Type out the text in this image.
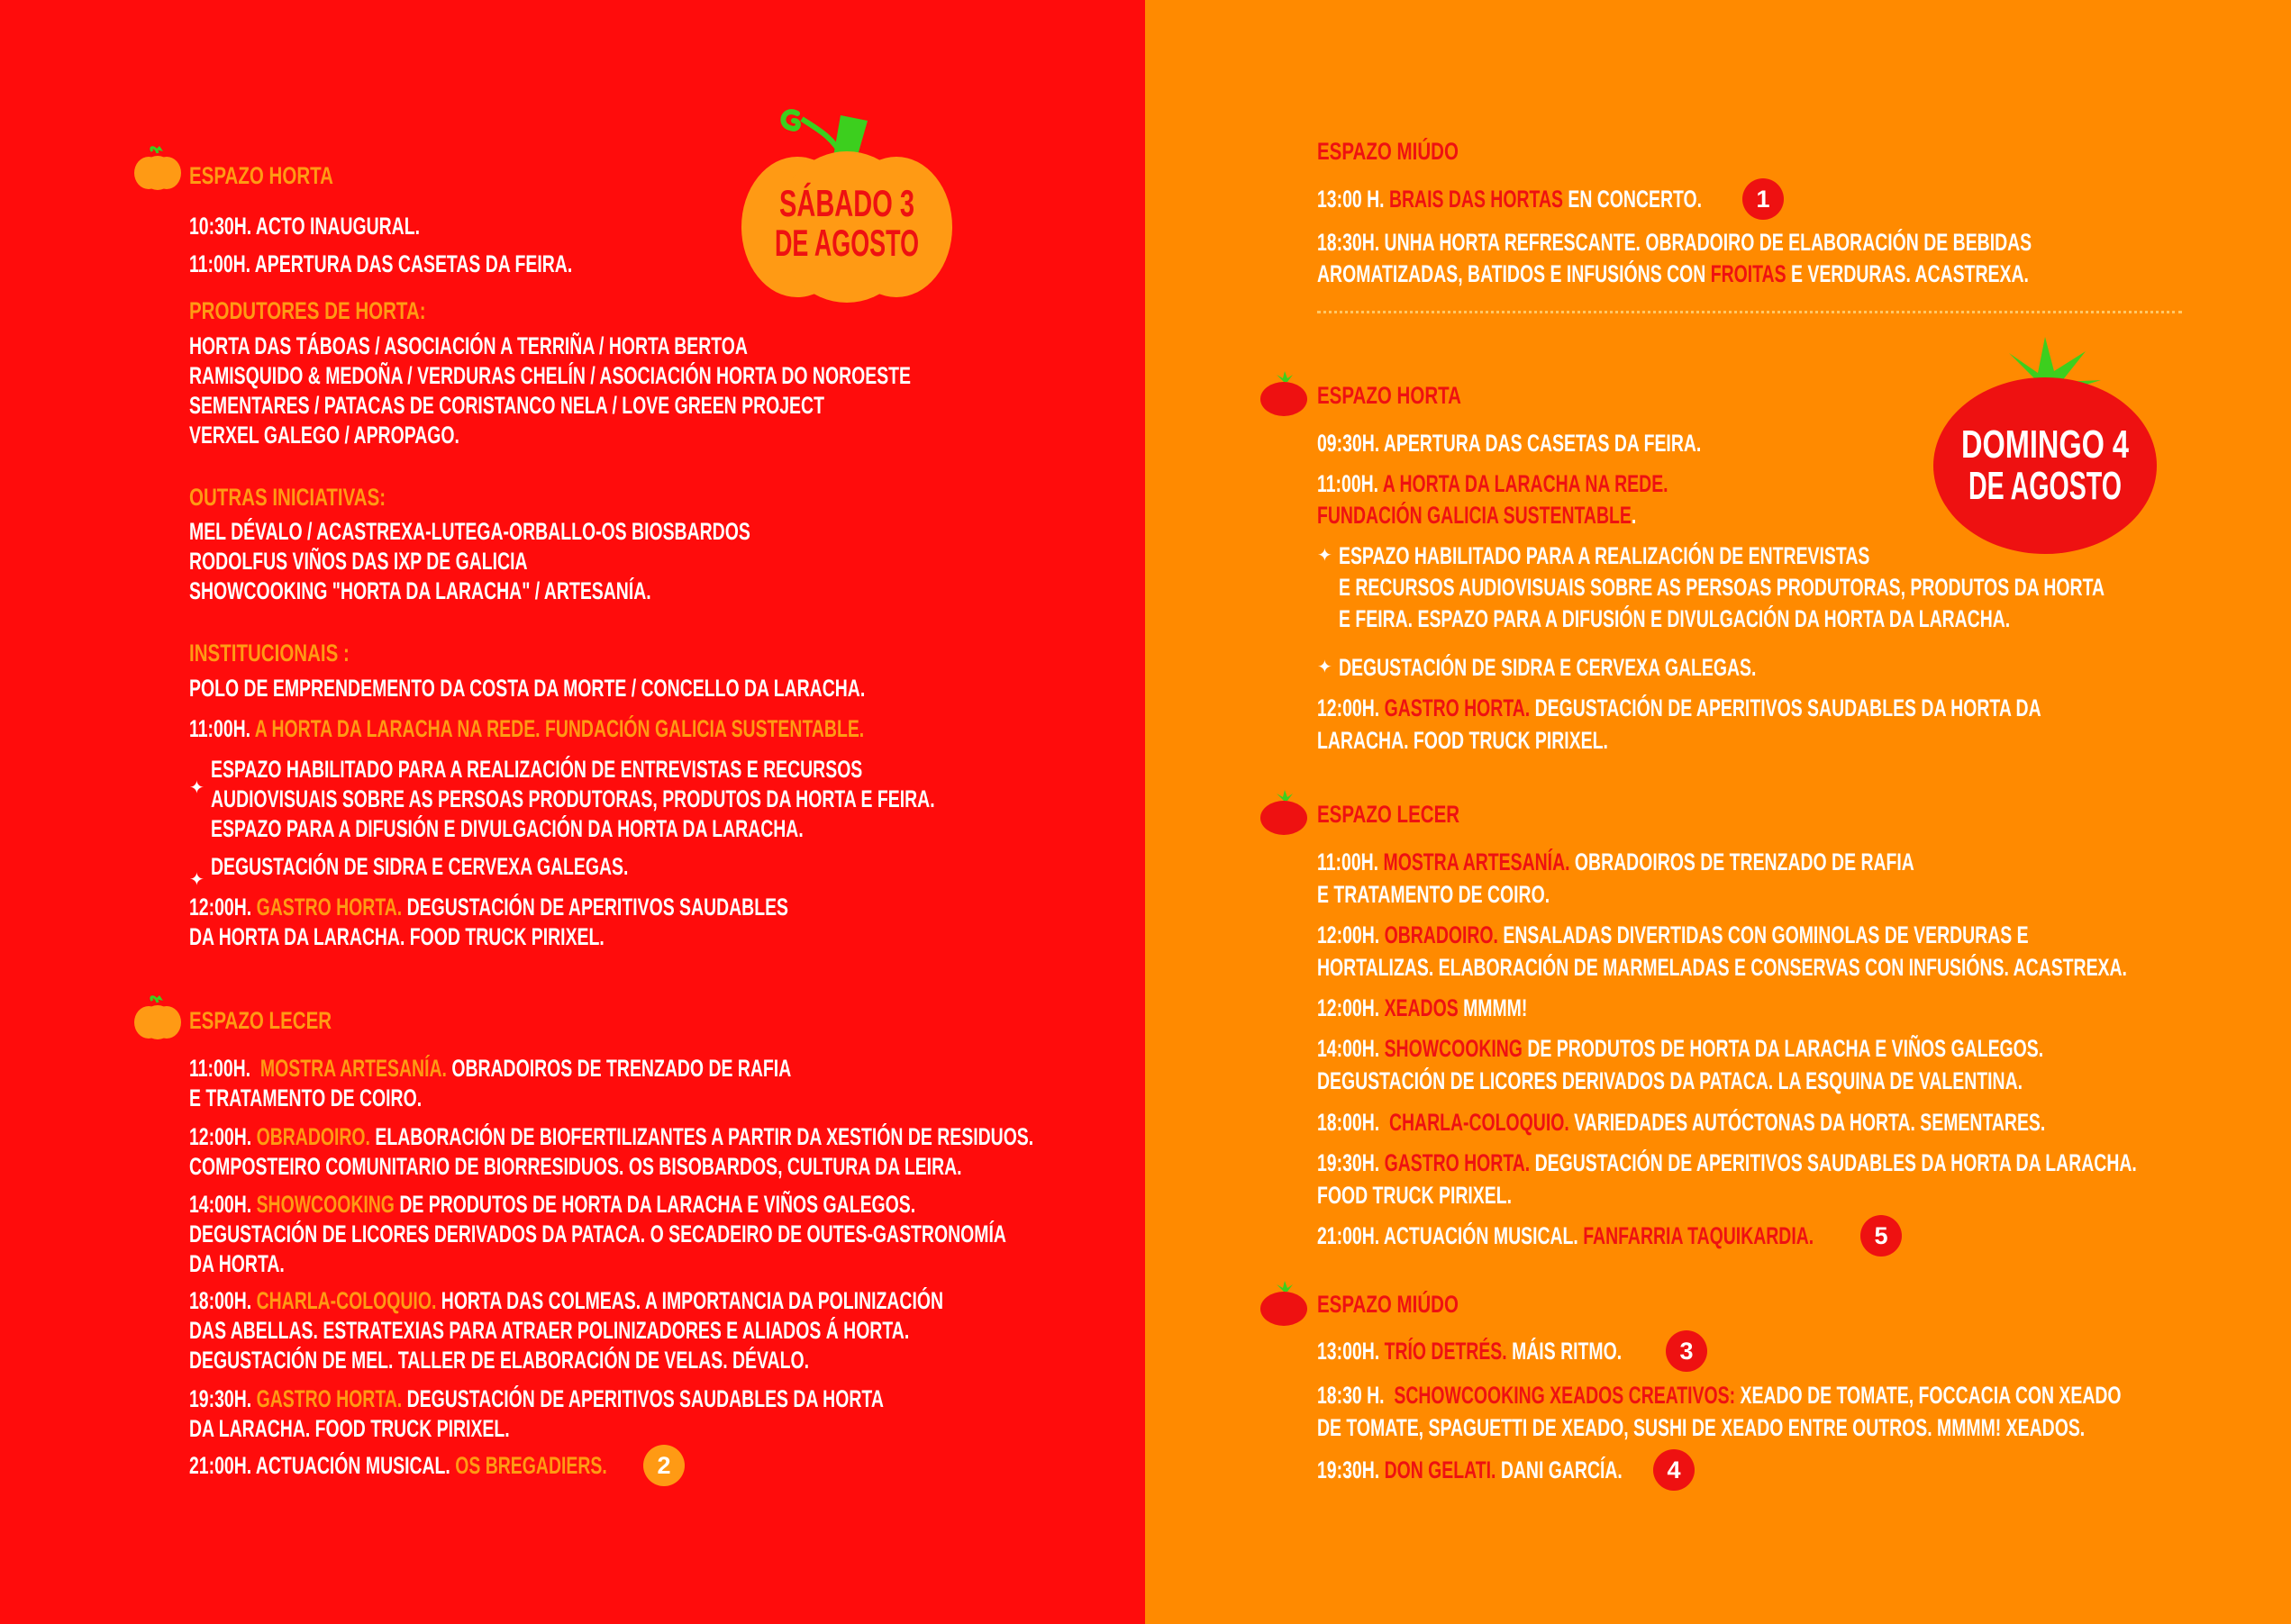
SÁBADO 3
DE AGOSTO
ESPAZO HORTA
10:30H. ACTO INAUGURAL.
11:00H. APERTURA DAS CASETAS DA FEIRA.
PRODUTORES DE HORTA:
HORTA DAS TÁBOAS / ASOCIACIÓN A TERRIÑA / HORTA BERTOA
RAMISQUIDO & MEDOÑA / VERDURAS CHELÍN / ASOCIACIÓN HORTA DO NOROESTE
SEMENTARES / PATACAS DE CORISTANCO NELA / LOVE GREEN PROJECT
VERXEL GALEGO / APROPAGO.
OUTRAS INICIATIVAS:
MEL DÉVALO / ACASTREXA-LUTEGA-ORBALLO-OS BIOSBARDOS
RODOLFUS VIÑOS DAS IXP DE GALICIA
SHOWCOOKING "HORTA DA LARACHA" / ARTESANÍA.
INSTITUCIONAIS :
POLO DE EMPRENDEMENTO DA COSTA DA MORTE / CONCELLO DA LARACHA.
11:00H. A HORTA DA LARACHA NA REDE. FUNDACIÓN GALICIA SUSTENTABLE.
✦
ESPAZO HABILITADO PARA A REALIZACIÓN DE ENTREVISTAS E RECURSOS
AUDIOVISUAIS SOBRE AS PERSOAS PRODUTORAS, PRODUTOS DA HORTA E FEIRA.
ESPAZO PARA A DIFUSIÓN E DIVULGACIÓN DA HORTA DA LARACHA.
✦ DEGUSTACIÓN DE SIDRA E CERVEXA GALEGAS.
12:00H. GASTRO HORTA. DEGUSTACIÓN DE APERITIVOS SAUDABLES
DA HORTA DA LARACHA. FOOD TRUCK PIRIXEL.
ESPAZO LECER
11:00H. MOSTRA ARTESANÍA. OBRADOIROS DE TRENZADO DE RAFIA
E TRATAMENTO DE COIRO.
12:00H. OBRADOIRO. ELABORACIÓN DE BIOFERTILIZANTES A PARTIR DA XESTIÓN DE RESIDUOS.
COMPOSTEIRO COMUNITARIO DE BIORRESIDUOS. OS BISOBARDOS, CULTURA DA LEIRA.
14:00H. SHOWCOOKING DE PRODUTOS DE HORTA DA LARACHA E VIÑOS GALEGOS.
DEGUSTACIÓN DE LICORES DERIVADOS DA PATACA. O SECADEIRO DE OUTES-GASTRONOMÍA
DA HORTA.
18:00H. CHARLA-COLOQUIO. HORTA DAS COLMEAS. A IMPORTANCIA DA POLINIZACIÓN
DAS ABELLAS. ESTRATEXIAS PARA ATRAER POLINIZADORES E ALIADOS Á HORTA.
DEGUSTACIÓN DE MEL. TALLER DE ELABORACIÓN DE VELAS. DÉVALO.
19:30H. GASTRO HORTA. DEGUSTACIÓN DE APERITIVOS SAUDABLES DA HORTA
DA LARACHA. FOOD TRUCK PIRIXEL.
21:00H. ACTUACIÓN MUSICAL. OS BREGADIERS.	2
ESPAZO MIÚDO
13:00 H. BRAIS DAS HORTAS EN CONCERTO.	1
18:30H. UNHA HORTA REFRESCANTE. OBRADOIRO DE ELABORACIÓN DE BEBIDAS
AROMATIZADAS, BATIDOS E INFUSIÓNS CON FROITAS E VERDURAS. ACASTREXA.
DOMINGO 4
DE AGOSTO
ESPAZO HORTA
09:30H. APERTURA DAS CASETAS DA FEIRA.
11:00H. A HORTA DA LARACHA NA REDE.
FUNDACIÓN GALICIA SUSTENTABLE.
✦ ESPAZO HABILITADO PARA A REALIZACIÓN DE ENTREVISTAS
E RECURSOS AUDIOVISUAIS SOBRE AS PERSOAS PRODUTORAS, PRODUTOS DA HORTA
E FEIRA. ESPAZO PARA A DIFUSIÓN E DIVULGACIÓN DA HORTA DA LARACHA.
✦ DEGUSTACIÓN DE SIDRA E CERVEXA GALEGAS.
12:00H. GASTRO HORTA. DEGUSTACIÓN DE APERITIVOS SAUDABLES DA HORTA DA
LARACHA. FOOD TRUCK PIRIXEL.
ESPAZO LECER
11:00H. MOSTRA ARTESANÍA. OBRADOIROS DE TRENZADO DE RAFIA
E TRATAMENTO DE COIRO.
12:00H. OBRADOIRO. ENSALADAS DIVERTIDAS CON GOMINOLAS DE VERDURAS E
HORTALIZAS. ELABORACIÓN DE MARMELADAS E CONSERVAS CON INFUSIÓNS. ACASTREXA.
12:00H. XEADOS MMMM!
14:00H. SHOWCOOKING DE PRODUTOS DE HORTA DA LARACHA E VIÑOS GALEGOS.
DEGUSTACIÓN DE LICORES DERIVADOS DA PATACA. LA ESQUINA DE VALENTINA.
18:00H. CHARLA-COLOQUIO. VARIEDADES AUTÓCTONAS DA HORTA. SEMENTARES.
19:30H. GASTRO HORTA. DEGUSTACIÓN DE APERITIVOS SAUDABLES DA HORTA DA LARACHA.
FOOD TRUCK PIRIXEL.
21:00H. ACTUACIÓN MUSICAL. FANFARRIA TAQUIKARDIA.	5
ESPAZO MIÚDO
13:00H. TRÍO DETRÉS. MÁIS RITMO.	3
18:30 H. SCHOWCOOKING XEADOS CREATIVOS: XEADO DE TOMATE, FOCCACIA CON XEADO
DE TOMATE, SPAGUETTI DE XEADO, SUSHI DE XEADO ENTRE OUTROS. MMMM! XEADOS.
19:30H. DON GELATI. DANI GARCÍA.	4
